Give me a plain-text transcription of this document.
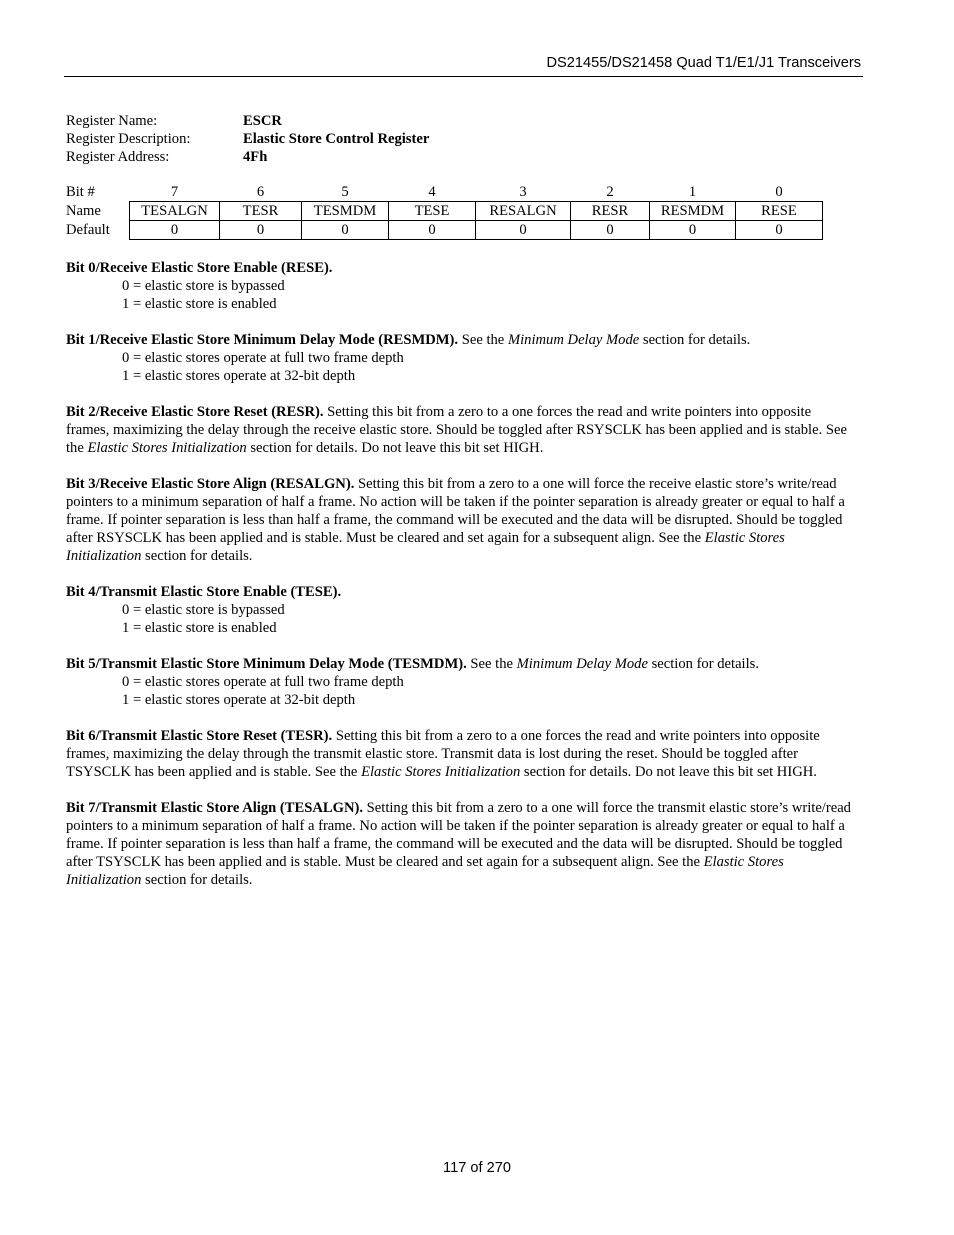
DS21455/DS21458 Quad T1/E1/J1 Transceivers
Register Name:	ESCR
Register Description:	Elastic Store Control Register
Register Address:	4Fh
Bit #	7	6	5	4	3	2	1	0
Name	TESALGN	TESR	TESMDM	TESE	RESALGN	RESR	RESMDM	RESE
Default	0	0	0	0	0	0	0	0

Bit 0/Receive Elastic Store Enable (RESE).

0 = elastic store is bypassed

1 = elastic store is enabled

Bit 1/Receive Elastic Store Minimum Delay Mode (RESMDM). See the Minimum Delay Mode section for details.

0 = elastic stores operate at full two frame depth

1 = elastic stores operate at 32-bit depth

Bit 2/Receive Elastic Store Reset (RESR). Setting this bit from a zero to a one forces the read and write pointers into opposite frames, maximizing the delay through the receive elastic store. Should be toggled after RSYSCLK has been applied and is stable. See the Elastic Stores Initialization section for details. Do not leave this bit set HIGH.

Bit 3/Receive Elastic Store Align (RESALGN). Setting this bit from a zero to a one will force the receive elastic store’s write/read pointers to a minimum separation of half a frame. No action will be taken if the pointer separation is already greater or equal to half a frame. If pointer separation is less than half a frame, the command will be executed and the data will be disrupted. Should be toggled after RSYSCLK has been applied and is stable. Must be cleared and set again for a subsequent align. See the Elastic Stores Initialization section for details.

Bit 4/Transmit Elastic Store Enable (TESE).

0 = elastic store is bypassed

1 = elastic store is enabled

Bit 5/Transmit Elastic Store Minimum Delay Mode (TESMDM). See the Minimum Delay Mode section for details.

0 = elastic stores operate at full two frame depth

1 = elastic stores operate at 32-bit depth

Bit 6/Transmit Elastic Store Reset (TESR). Setting this bit from a zero to a one forces the read and write pointers into opposite frames, maximizing the delay through the transmit elastic store. Transmit data is lost during the reset. Should be toggled after TSYSCLK has been applied and is stable. See the Elastic Stores Initialization section for details. Do not leave this bit set HIGH.

Bit 7/Transmit Elastic Store Align (TESALGN). Setting this bit from a zero to a one will force the transmit elastic store’s write/read pointers to a minimum separation of half a frame. No action will be taken if the pointer separation is already greater or equal to half a frame. If pointer separation is less than half a frame, the command will be executed and the data will be disrupted. Should be toggled after TSYSCLK has been applied and is stable. Must be cleared and set again for a subsequent align. See the Elastic Stores Initialization section for details.

117 of 270
